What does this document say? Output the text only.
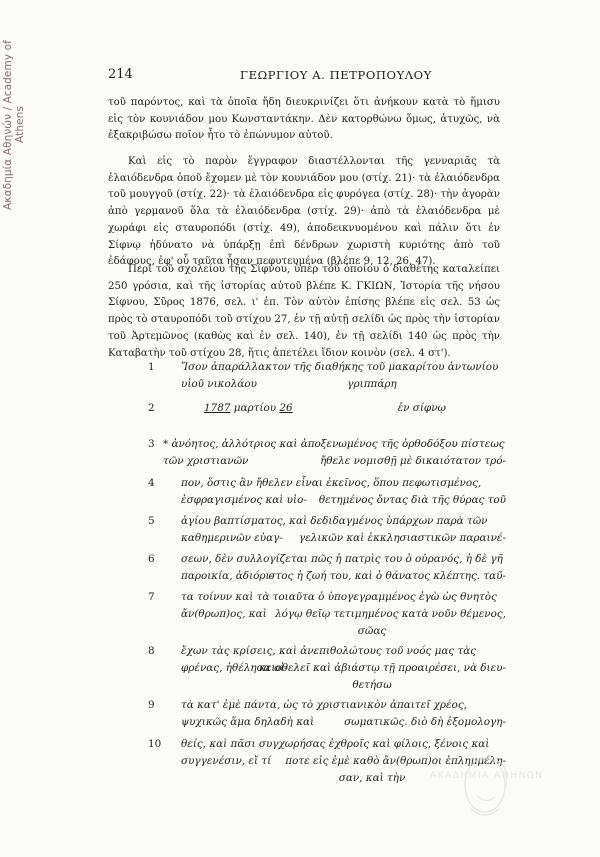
Ακαδημία Αθηνών / Academy of Athens
214	ΓΕΩΡΓΙΟΥ Α. ΠΕΤΡΟΠΟΥΛΟΥ

τοῦ παρόντος, καὶ τὰ ὁποῖα ἤδη διευκρινίζει ὅτι ἀνήκουν κατὰ τὸ ἥμισυ εἰς τὸν κουνιάδον μου Κωνσταντάκην. Δὲν κατορθώνω ὅμως, ἀτυχῶς, νὰ ἐξακριβώσω ποῖον ἦτο τὸ ἐπώνυμον αὐτοῦ.

Καὶ εἰς τὸ παρὸν ἔγγραφον διαστέλλονται τῆς γενναριᾶς τὰ ἐλαιόδενδρα ὁποῦ ἔχομεν μὲ τὸν κουνιάδον μου (στίχ. 21)· τὰ ἐλαιόδενδρα τοῦ μουγγοῦ (στίχ. 22)· τὰ ἐλαιόδενδρα εἰς φυρόγεα (στίχ. 28)· τὴν ἀγορὰν ἀπὸ γερμανοῦ ὅλα τὰ ἐλαιόδενδρα (στίχ. 29)· ἀπὸ τὰ ἐλαιόδενδρα μὲ χωράφι εἰς σταυροπόδι (στίχ. 49), ἀποδεικνυομένου καὶ πάλιν ὅτι ἐν Σίφνῳ ἠδύνατο νὰ ὑπάρξῃ ἐπὶ δένδρων χωριστὴ κυριότης ἀπὸ τοῦ ἐδάφους, ἐφ' οὗ ταῦτα ἦσαν πεφυτευμένα (βλέπε 9, 12, 26, 47).

Περὶ τοῦ σχολείου τῆς Σίφνου, ὑπὲρ τοῦ ὁποίου ὁ διαθέτης καταλείπει 250 γρόσια, καὶ τῆς ἱστορίας αὐτοῦ βλέπε Κ. ΓΚΙΩΝ, Ἱστορία τῆς νήσου Σίφνου, Σῦρος 1876, σελ. ι' ἐπ. Τὸν αὐτὸν ἐπίσης βλέπε εἰς σελ. 53 ὡς πρὸς τὸ σταυροπόδι τοῦ στίχου 27, ἐν τῇ αὐτῇ σελίδι ὡς πρὸς τὴν ἱστορίαν τοῦ Ἀρτεμῶνος (καθὼς καὶ ἐν σελ. 140), ἐν τῇ σελίδι 140 ὡς πρὸς τὴν Καταβατὴν τοῦ στίχου 28, ἥτις ἀπετέλει ἴδιον κοινὸν (σελ. 4 στ').

1	Ἴσον ἀπαράλλακτον τῆς διαθήκης τοῦ μακαρίτου ἀντωνίου υἱοῦ νικολάου	γριππάρη
2	1787 μαρτίου 26	ἐν σίφνῳ
3 * ἀνόητος, ἀλλότριος καὶ ἀποξενωμένος τῆς ὀρθοδόξου πίστεως τῶν χριστιανῶν	ἤθελε νομισθῇ μὲ δικαιότατον τρό-
4	πον, ὅστις ἂν ἤθελεν εἶναι ἐκεῖνος, ὅπου πεφωτισμένος, ἐσφραγισμένος καὶ υἱο-	θετημένος ὄντας διὰ τῆς θύρας τοῦ
5	ἁγίου βαπτίσματος, καὶ δεδιδαγμένος ὑπάρχων παρὰ τῶν καθημερινῶν εὐαγ-	γελικῶν καὶ ἐκκλησιαστικῶν παραινέ-
6	σεων, δὲν συλλογίζεται πῶς ἡ πατρὶς του ὁ οὐρανός, ἡ δὲ γῆ παροικία, ἀδιόρι-
στος ἡ ζωή του, καὶ ὁ θάνατος κλέπτης. ταῦ-
7	τα τοίνυν καὶ τὰ τοιαῦτα ὁ ὑπογεγραμμένος ἐγὼ ὡς θνητὸς ἄν(θρωπ)ος, καὶ λόγῳ θεῖῳ τετιμημένος κατὰ νοῦν θέμενος,
σῶας
8	ἔχων τὰς κρίσεις, καὶ ἀνεπιθολώτους τοῦ νοός μας τὰς φρένας, ἠθέλησα οἰ-
κειοθελεῖ καὶ ἀβιάστῳ τῇ προαιρέσει, νὰ διευ-
θετήσω
9	τὰ κατ' ἐμὲ πάντα, ὡς τὸ χριστιανικὸν ἀπαιτεῖ χρέος, ψυχικῶς ἅμα δηλαδὴ καὶ	σωματικῶς. διὸ δὴ ἐξομολογη-
10 θείς, καὶ πᾶσι συγχωρήσας ἐχθροῖς καὶ φίλοις, ξένοις καὶ συγγενέσιν, εἴ τί	ποτε εἰς ἐμὲ καθὸ ἄν(θρωπ)οι ἐπλημμέλη-
σαν, καὶ τὴν	ΑΚΑΔΗΜΙΑ ΑΘΗΝΩΝ
